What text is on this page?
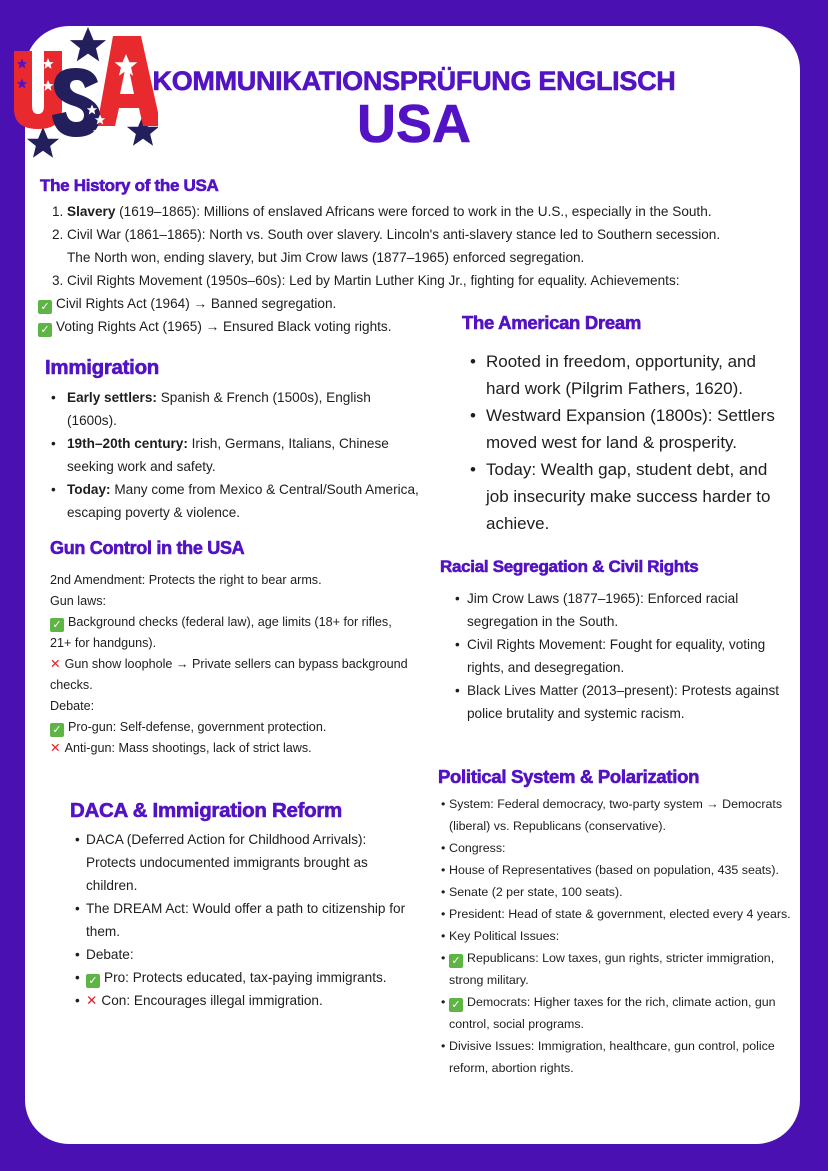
KOMMUNIKATIONSPRÜFUNG ENGLISCH
USA
The History of the USA
1. Slavery (1619–1865): Millions of enslaved Africans were forced to work in the U.S., especially in the South.
2. Civil War (1861–1865): North vs. South over slavery. Lincoln's anti-slavery stance led to Southern secession.
The North won, ending slavery, but Jim Crow laws (1877–1965) enforced segregation.
3. Civil Rights Movement (1950s–60s): Led by Martin Luther King Jr., fighting for equality. Achievements:
✓ Civil Rights Act (1964) → Banned segregation.
✓ Voting Rights Act (1965) → Ensured Black voting rights.	The American Dream
• Rooted in freedom, opportunity, and hard work (Pilgrim Fathers, 1620).
• Westward Expansion (1800s): Settlers moved west for land & prosperity.
• Today: Wealth gap, student debt, and job insecurity make success harder to achieve.
Immigration
• Early settlers: Spanish & French (1500s), English (1600s).
• 19th–20th century: Irish, Germans, Italians, Chinese seeking work and safety.
• Today: Many come from Mexico & Central/South America, escaping poverty & violence.
Gun Control in the USA
2nd Amendment: Protects the right to bear arms.
Gun laws:
✓ Background checks (federal law), age limits (18+ for rifles, 21+ for handguns).
✕ Gun show loophole → Private sellers can bypass background checks.
Debate:
✓ Pro-gun: Self-defense, government protection.
✕ Anti-gun: Mass shootings, lack of strict laws.
Racial Segregation & Civil Rights
• Jim Crow Laws (1877–1965): Enforced racial segregation in the South.
• Civil Rights Movement: Fought for equality, voting rights, and desegregation.
• Black Lives Matter (2013–present): Protests against police brutality and systemic racism.
Political System & Polarization
• System: Federal democracy, two-party system → Democrats (liberal) vs. Republicans (conservative).
• Congress:
• House of Representatives (based on population, 435 seats).
• Senate (2 per state, 100 seats).
• President: Head of state & government, elected every 4 years.
• Key Political Issues:
• ✓ Republicans: Low taxes, gun rights, stricter immigration, strong military.
• ✓ Democrats: Higher taxes for the rich, climate action, gun control, social programs.
• Divisive Issues: Immigration, healthcare, gun control, police reform, abortion rights.
DACA & Immigration Reform
• DACA (Deferred Action for Childhood Arrivals): Protects undocumented immigrants brought as children.
• The DREAM Act: Would offer a path to citizenship for them.
• Debate:
• ✓ Pro: Protects educated, tax-paying immigrants.
• ✕ Con: Encourages illegal immigration.
